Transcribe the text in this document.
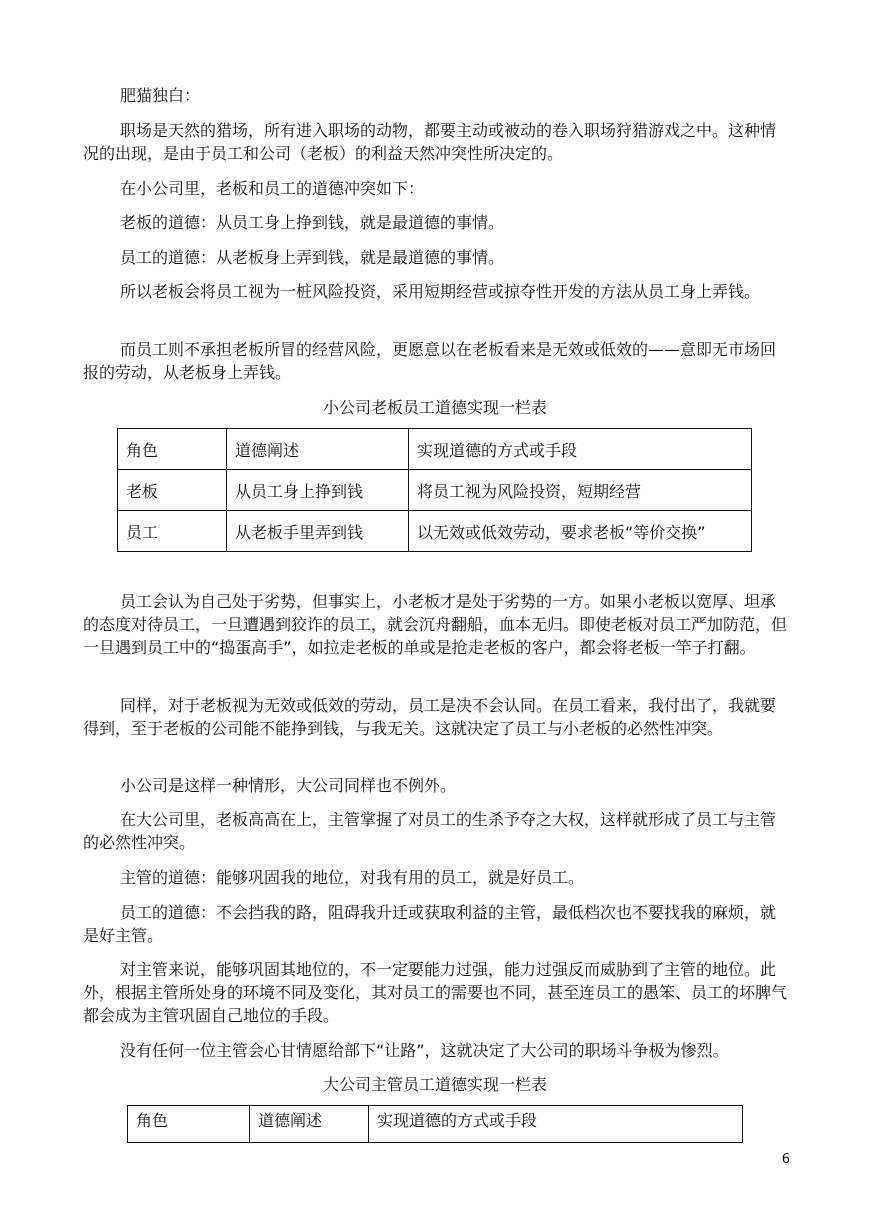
肥猫独白：

职场是天然的猎场，所有进入职场的动物，都要主动或被动的卷入职场狩猎游戏之中。这种情况的出现，是由于员工和公司（老板）的利益天然冲突性所决定的。

在小公司里，老板和员工的道德冲突如下：

老板的道德：从员工身上挣到钱，就是最道德的事情。

员工的道德：从老板身上弄到钱，就是最道德的事情。

所以老板会将员工视为一桩风险投资，采用短期经营或掠夺性开发的方法从员工身上弄钱。

而员工则不承担老板所冒的经营风险，更愿意以在老板看来是无效或低效的——意即无市场回报的劳动，从老板身上弄钱。

小公司老板员工道德实现一栏表
角色	道德阐述	实现道德的方式或手段
老板	从员工身上挣到钱	将员工视为风险投资，短期经营
员工	从老板手里弄到钱	以无效或低效劳动，要求老板“等价交换”

员工会认为自己处于劣势，但事实上，小老板才是处于劣势的一方。如果小老板以宽厚、坦承的态度对待员工，一旦遭遇到狡诈的员工，就会沉舟翻船，血本无归。即使老板对员工严加防范，但一旦遇到员工中的“捣蛋高手”，如拉走老板的单或是抢走老板的客户，都会将老板一竿子打翻。

同样，对于老板视为无效或低效的劳动，员工是决不会认同。在员工看来，我付出了，我就要得到，至于老板的公司能不能挣到钱，与我无关。这就决定了员工与小老板的必然性冲突。

小公司是这样一种情形，大公司同样也不例外。

在大公司里，老板高高在上，主管掌握了对员工的生杀予夺之大权，这样就形成了员工与主管的必然性冲突。

主管的道德：能够巩固我的地位，对我有用的员工，就是好员工。

员工的道德：不会挡我的路，阻碍我升迁或获取利益的主管，最低档次也不要找我的麻烦，就是好主管。

对主管来说，能够巩固其地位的，不一定要能力过强，能力过强反而威胁到了主管的地位。此外，根据主管所处身的环境不同及变化，其对员工的需要也不同，甚至连员工的愚笨、员工的坏脾气都会成为主管巩固自己地位的手段。

没有任何一位主管会心甘情愿给部下“让路”，这就决定了大公司的职场斗争极为惨烈。

大公司主管员工道德实现一栏表
角色	道德阐述	实现道德的方式或手段
6
